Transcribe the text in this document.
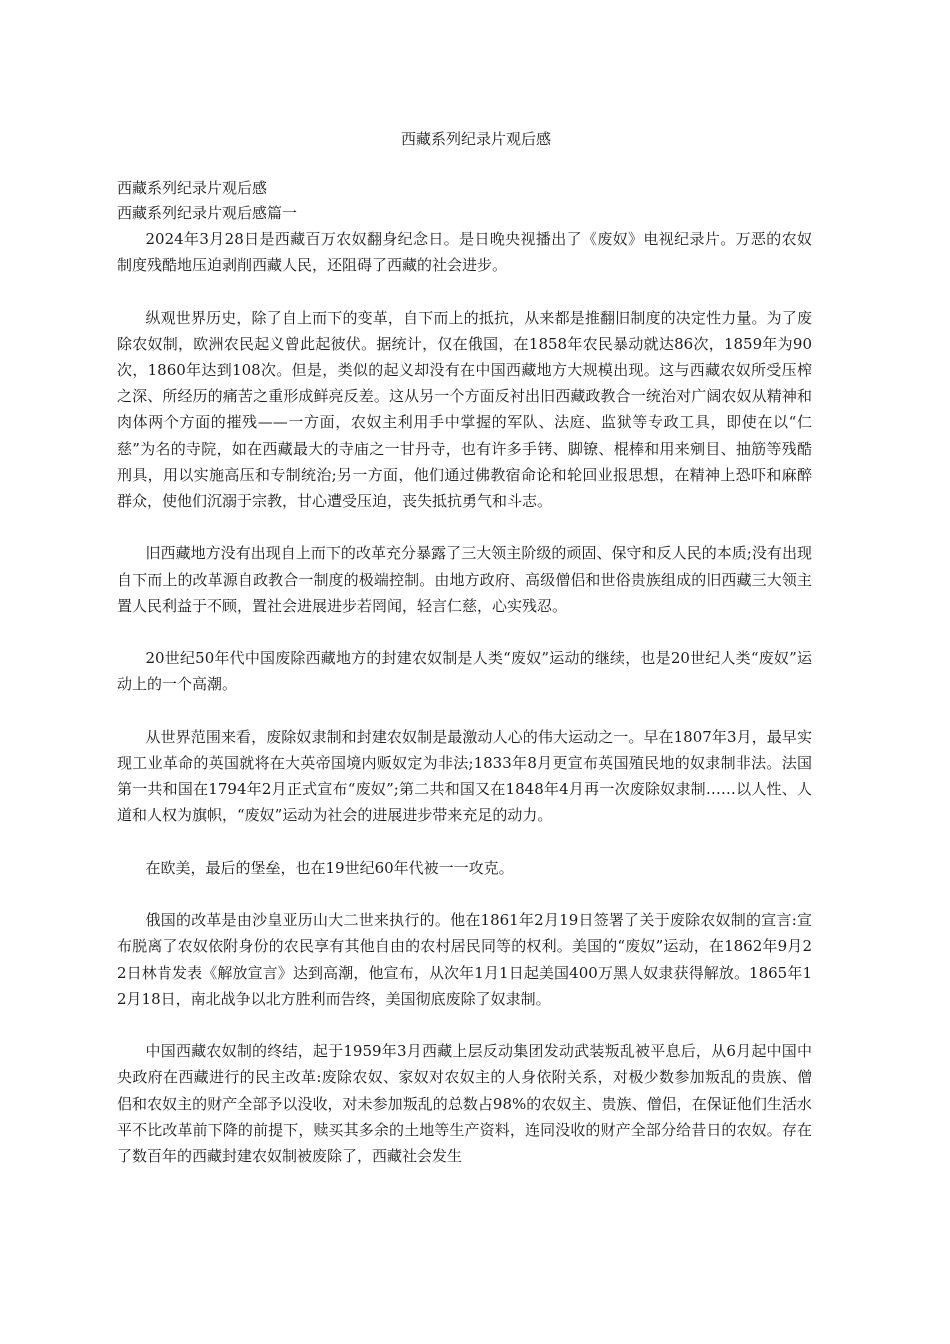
西藏系列纪录片观后感
西藏系列纪录片观后感
西藏系列纪录片观后感篇一

2024年3月28日是西藏百万农奴翻身纪念日。是日晚央视播出了《废奴》电视纪录片。万恶的农奴制度残酷地压迫剥削西藏人民，还阻碍了西藏的社会进步。

纵观世界历史，除了自上而下的变革，自下而上的抵抗，从来都是推翻旧制度的决定性力量。为了废除农奴制，欧洲农民起义曾此起彼伏。据统计，仅在俄国，在1858年农民暴动就达86次，1859年为90次，1860年达到108次。但是，类似的起义却没有在中国西藏地方大规模出现。这与西藏农奴所受压榨之深、所经历的痛苦之重形成鲜亮反差。这从另一个方面反衬出旧西藏政教合一统治对广阔农奴从精神和肉体两个方面的摧残——一方面，农奴主利用手中掌握的军队、法庭、监狱等专政工具，即使在以“仁慈”为名的寺院，如在西藏最大的寺庙之一甘丹寺，也有许多手铐、脚镣、棍棒和用来剜目、抽筋等残酷刑具，用以实施高压和专制统治;另一方面，他们通过佛教宿命论和轮回业报思想，在精神上恐吓和麻醉群众，使他们沉溺于宗教，甘心遭受压迫，丧失抵抗勇气和斗志。

旧西藏地方没有出现自上而下的改革充分暴露了三大领主阶级的顽固、保守和反人民的本质;没有出现自下而上的改革源自政教合一制度的极端控制。由地方政府、高级僧侣和世俗贵族组成的旧西藏三大领主置人民利益于不顾，置社会进展进步若罔闻，轻言仁慈，心实残忍。

20世纪50年代中国废除西藏地方的封建农奴制是人类“废奴”运动的继续，也是20世纪人类“废奴”运动上的一个高潮。

从世界范围来看，废除奴隶制和封建农奴制是最激动人心的伟大运动之一。早在1807年3月，最早实现工业革命的英国就将在大英帝国境内贩奴定为非法;1833年8月更宣布英国殖民地的奴隶制非法。法国第一共和国在1794年2月正式宣布“废奴”;第二共和国又在1848年4月再一次废除奴隶制……以人性、人道和人权为旗帜，“废奴”运动为社会的进展进步带来充足的动力。

在欧美，最后的堡垒，也在19世纪60年代被一一攻克。

俄国的改革是由沙皇亚历山大二世来执行的。他在1861年2月19日签署了关于废除农奴制的宣言:宣布脱离了农奴依附身份的农民享有其他自由的农村居民同等的权利。美国的“废奴”运动，在1862年9月22日林肯发表《解放宣言》达到高潮，他宣布，从次年1月1日起美国400万黑人奴隶获得解放。1865年12月18日，南北战争以北方胜利而告终，美国彻底废除了奴隶制。

中国西藏农奴制的终结，起于1959年3月西藏上层反动集团发动武装叛乱被平息后，从6月起中国中央政府在西藏进行的民主改革:废除农奴、家奴对农奴主的人身依附关系，对极少数参加叛乱的贵族、僧侣和农奴主的财产全部予以没收，对未参加叛乱的总数占98%的农奴主、贵族、僧侣，在保证他们生活水平不比改革前下降的前提下，赎买其多余的土地等生产资料，连同没收的财产全部分给昔日的农奴。存在了数百年的西藏封建农奴制被废除了，西藏社会发生
